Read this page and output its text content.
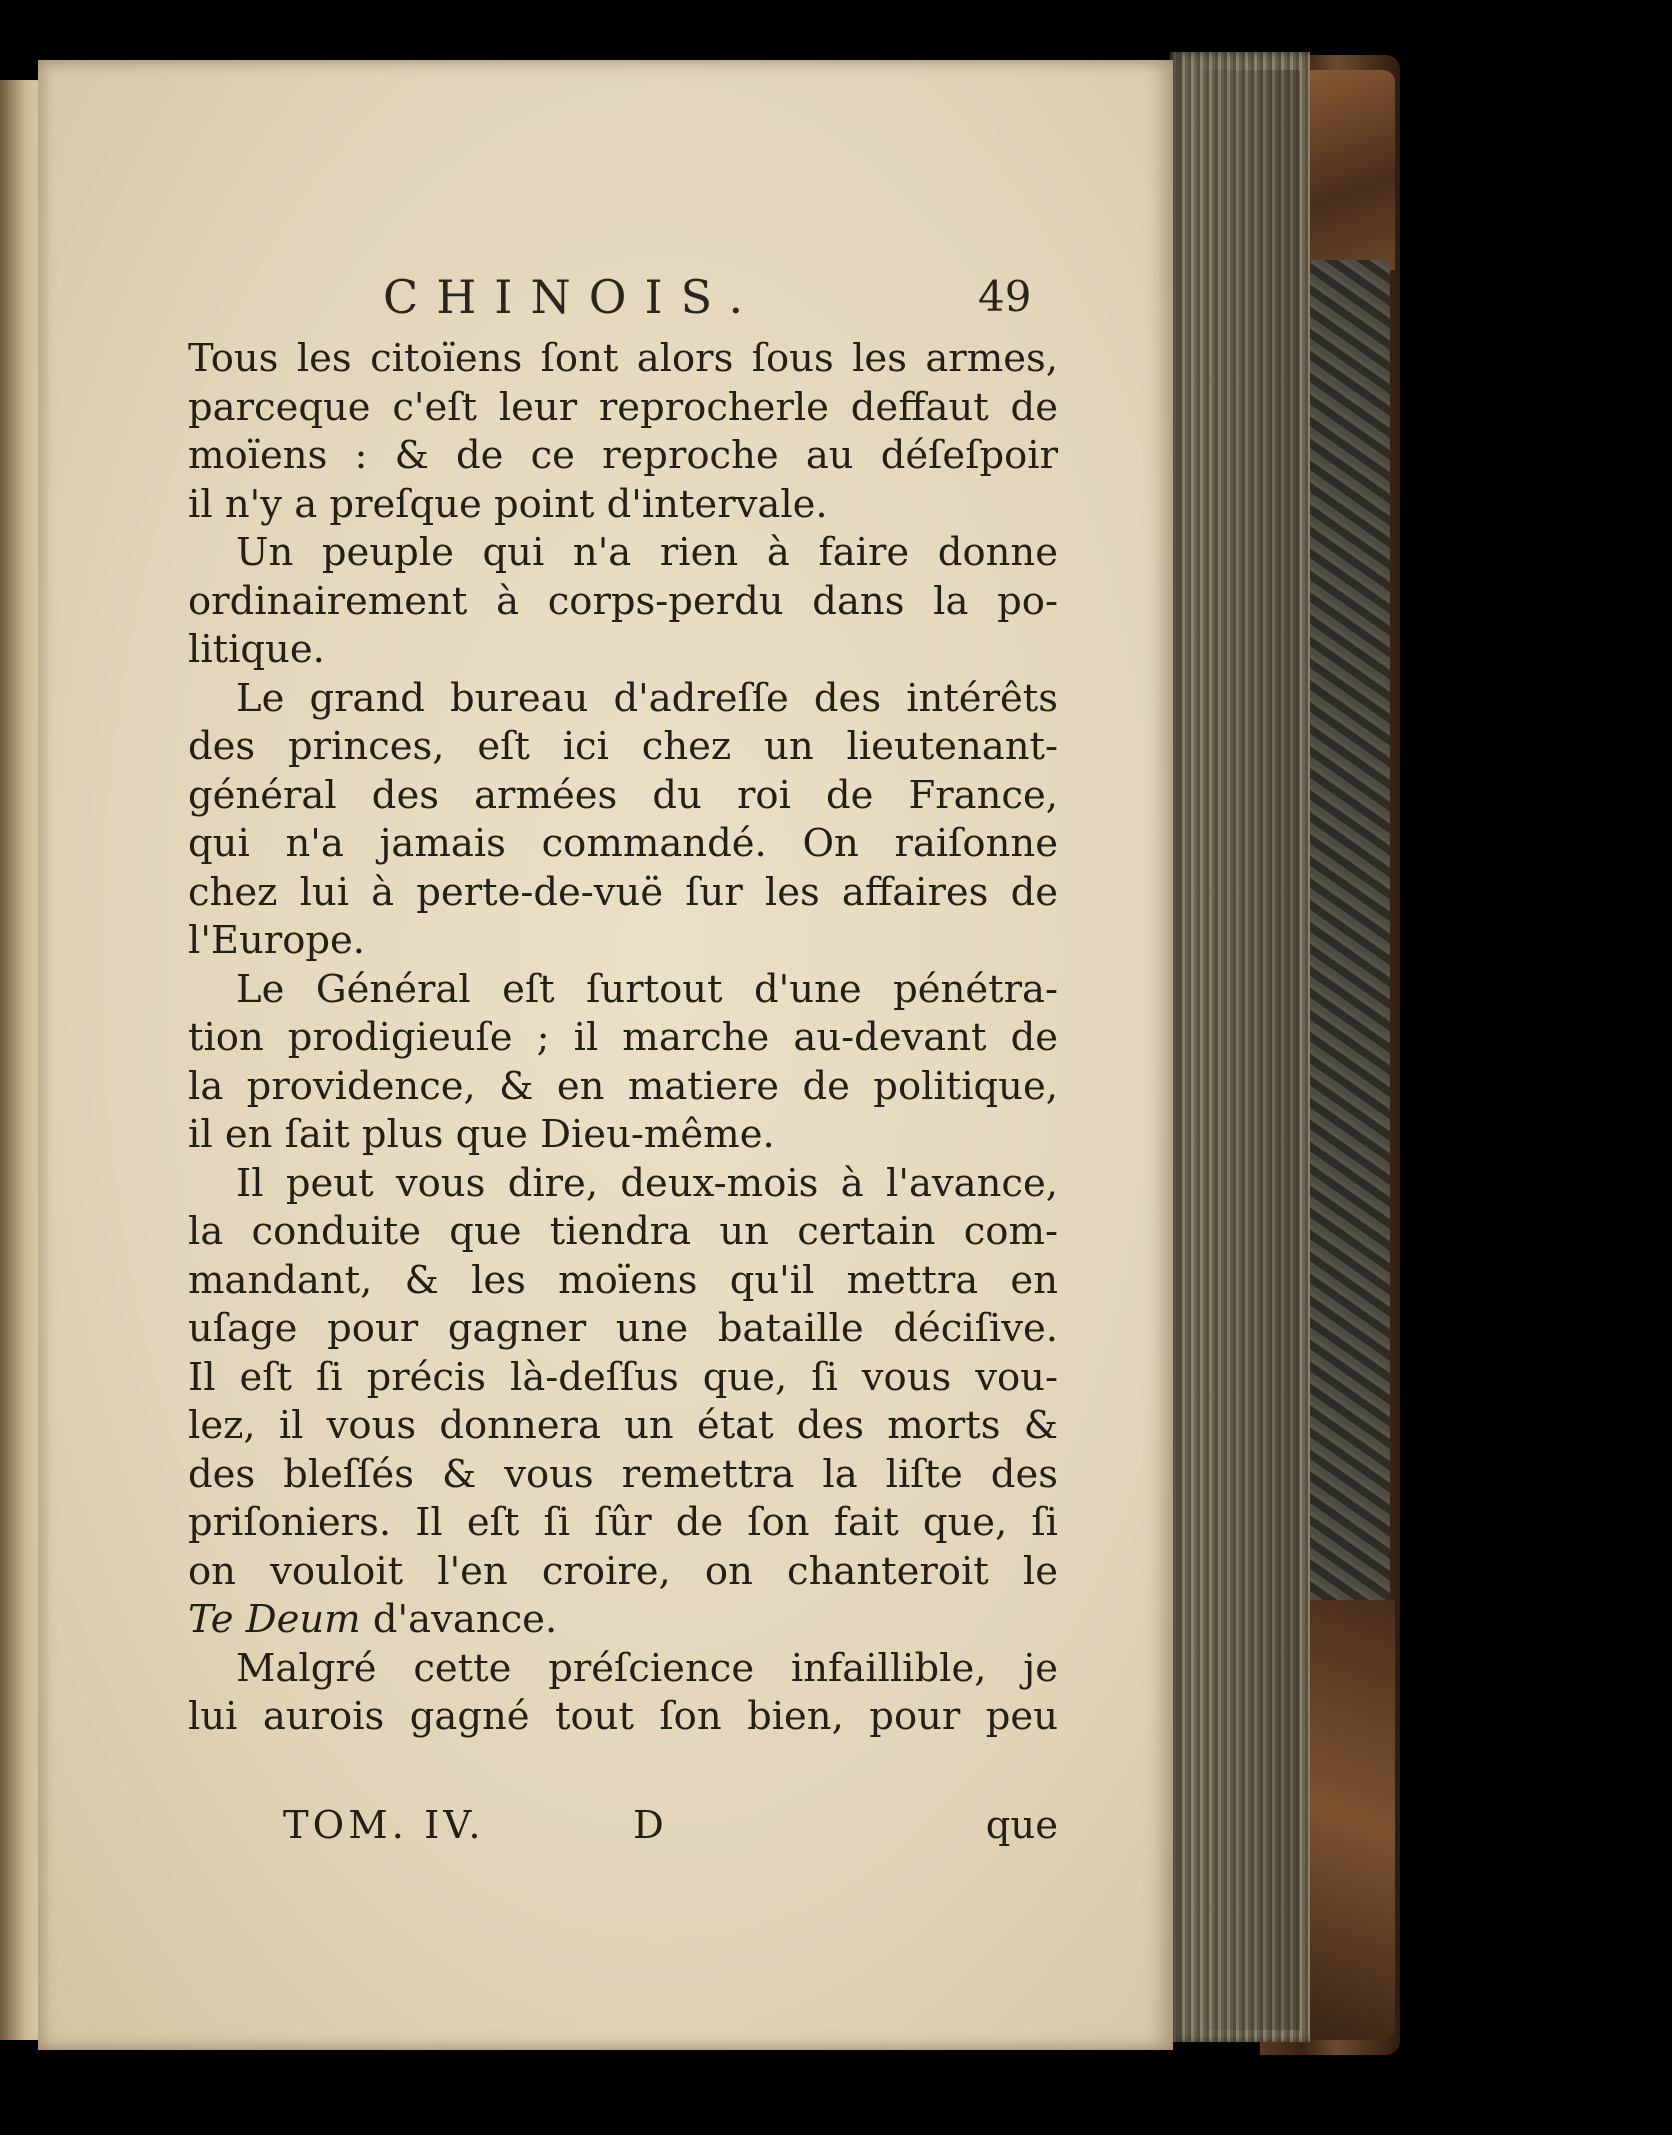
CHINOIS.	49
Tous les citoïens ſont alors ſous les armes,
parceque c'eſt leur reprocherle deffaut de
moïens : & de ce reproche au déſeſpoir
il n'y a preſque point d'intervale.
Un peuple qui n'a rien à faire donne
ordinairement à corps-perdu dans la po-
litique.
Le grand bureau d'adreſſe des intérêts
des princes, eſt ici chez un lieutenant-
général des armées du roi de France,
qui n'a jamais commandé. On raiſonne
chez lui à perte-de-vuë ſur les affaires de
l'Europe.
Le Général eſt ſurtout d'une pénétra-
tion prodigieuſe ; il marche au-devant de
la providence, & en matiere de politique,
il en ſait plus que Dieu-même.
Il peut vous dire, deux-mois à l'avance,
la conduite que tiendra un certain com-
mandant, & les moïens qu'il mettra en
uſage pour gagner une bataille déciſive.
Il eſt ſi précis là-deſſus que, ſi vous vou-
lez, il vous donnera un état des morts &
des bleſſés & vous remettra la liſte des
priſoniers. Il eſt ſi ſûr de ſon fait que, ſi
on vouloit l'en croire, on chanteroit le
Te Deum d'avance.
Malgré cette préſcience infaillible, je
lui aurois gagné tout ſon bien, pour peu
TOM. IV.	D	que
